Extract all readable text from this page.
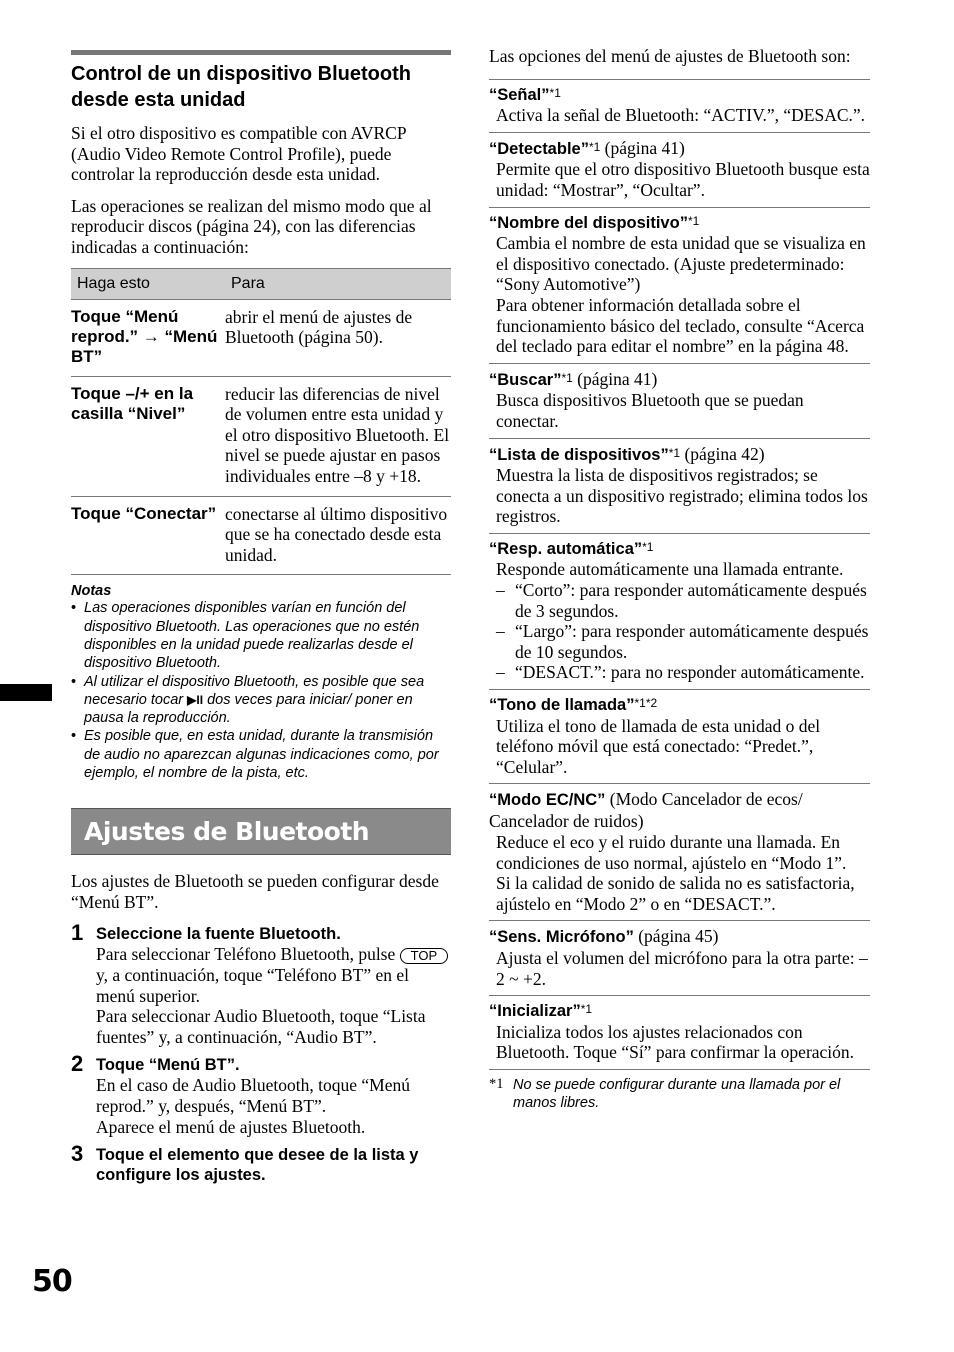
Control de un dispositivo Bluetooth desde esta unidad

Si el otro dispositivo es compatible con AVRCP (Audio Video Remote Control Profile), puede controlar la reproducción desde esta unidad.

Las operaciones se realizan del mismo modo que al reproducir discos (página 24), con las diferencias indicadas a continuación:

Haga esto	Para
Toque “Menú reprod.” → “Menú BT”	abrir el menú de ajustes de Bluetooth (página 50).
Toque –/+ en la casilla “Nivel”	reducir las diferencias de nivel de volumen entre esta unidad y el otro dispositivo Bluetooth. El nivel se puede ajustar en pasos individuales entre –8 y +18.
Toque “Conectar”	conectarse al último dispositivo que se ha conectado desde esta unidad.
Notas
• Las operaciones disponibles varían en función del dispositivo Bluetooth. Las operaciones que no estén disponibles en la unidad puede realizarlas desde el dispositivo Bluetooth.
• Al utilizar el dispositivo Bluetooth, es posible que sea necesario tocar ▶II dos veces para iniciar/ poner en pausa la reproducción.
• Es posible que, en esta unidad, durante la transmisión de audio no aparezcan algunas indicaciones como, por ejemplo, el nombre de la pista, etc.
Ajustes de Bluetooth

Los ajustes de Bluetooth se pueden configurar desde “Menú BT”.

1 Seleccione la fuente Bluetooth.

Para seleccionar Teléfono Bluetooth, pulse TOP y, a continuación, toque “Teléfono BT” en el menú superior.

Para seleccionar Audio Bluetooth, toque “Lista fuentes” y, a continuación, “Audio BT”.

2 Toque “Menú BT”.

En el caso de Audio Bluetooth, toque “Menú reprod.” y, después, “Menú BT”.

Aparece el menú de ajustes Bluetooth.

3 Toque el elemento que desee de la lista y configure los ajustes.

Las opciones del menú de ajustes de Bluetooth son:

“Señal”*1
Activa la señal de Bluetooth: “ACTIV.”, “DESAC.”.
“Detectable”*1 (página 41)
Permite que el otro dispositivo Bluetooth busque esta unidad: “Mostrar”, “Ocultar”.
“Nombre del dispositivo”*1
Cambia el nombre de esta unidad que se visualiza en el dispositivo conectado. (Ajuste predeterminado: “Sony Automotive”)
Para obtener información detallada sobre el funcionamiento básico del teclado, consulte “Acerca del teclado para editar el nombre” en la página 48.
“Buscar”*1 (página 41)
Busca dispositivos Bluetooth que se puedan conectar.
“Lista de dispositivos”*1 (página 42)
Muestra la lista de dispositivos registrados; se conecta a un dispositivo registrado; elimina todos los registros.
“Resp. automática”*1
Responde automáticamente una llamada entrante.
– “Corto”: para responder automáticamente después de 3 segundos.
– “Largo”: para responder automáticamente después de 10 segundos.
– “DESACT.”: para no responder automáticamente.
“Tono de llamada”*1*2
Utiliza el tono de llamada de esta unidad o del teléfono móvil que está conectado: “Predet.”, “Celular”.
“Modo EC/NC” (Modo Cancelador de ecos/ Cancelador de ruidos)
Reduce el eco y el ruido durante una llamada. En condiciones de uso normal, ajústelo en “Modo 1”.
Si la calidad de sonido de salida no es satisfactoria, ajústelo en “Modo 2” o en “DESACT.”.
“Sens. Micrófono” (página 45)
Ajusta el volumen del micrófono para la otra parte: –2 ~ +2.
“Inicializar”*1
Inicializa todos los ajustes relacionados con Bluetooth. Toque “Sí” para confirmar la operación.
*1 No se puede configurar durante una llamada por el manos libres.
50
